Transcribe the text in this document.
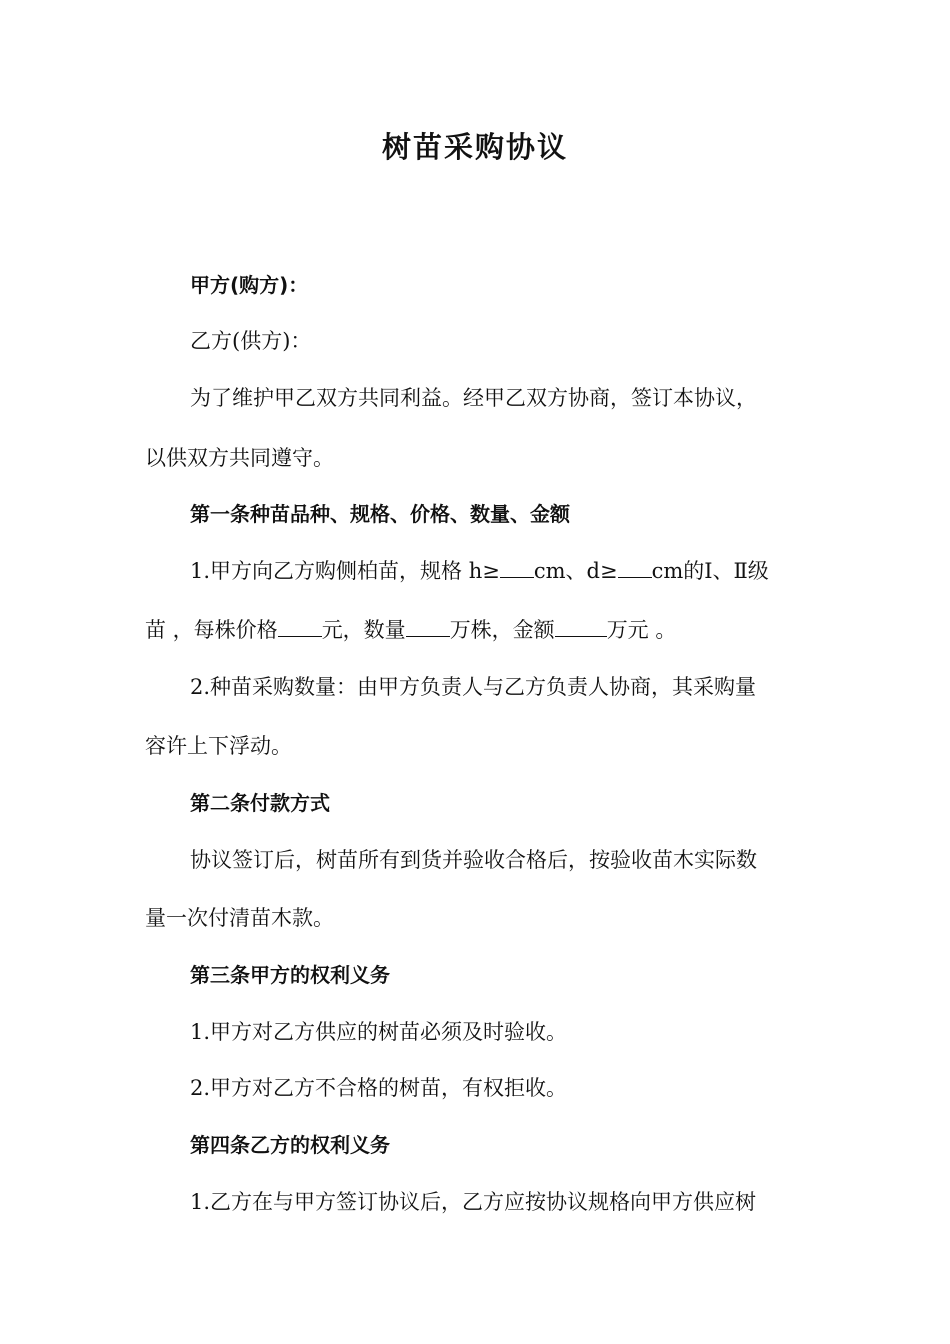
树苗采购协议
甲方(购方)：
乙方(供方)：
为了维护甲乙双方共同利益。经甲乙双方协商，签订本协议，
以供双方共同遵守。
第一条种苗品种、规格、价格、数量、金额
1.甲方向乙方购侧柏苗，规格 h≥ cm、d≥ cm的Ⅰ、Ⅱ级
苗 ，每株价格 元，数量 万株，金额 万元 。
2.种苗采购数量：由甲方负责人与乙方负责人协商，其采购量
容许上下浮动。
第二条付款方式
协议签订后，树苗所有到货并验收合格后，按验收苗木实际数
量一次付清苗木款。
第三条甲方的权利义务
1.甲方对乙方供应的树苗必须及时验收。
2.甲方对乙方不合格的树苗，有权拒收。
第四条乙方的权利义务
1.乙方在与甲方签订协议后，乙方应按协议规格向甲方供应树
